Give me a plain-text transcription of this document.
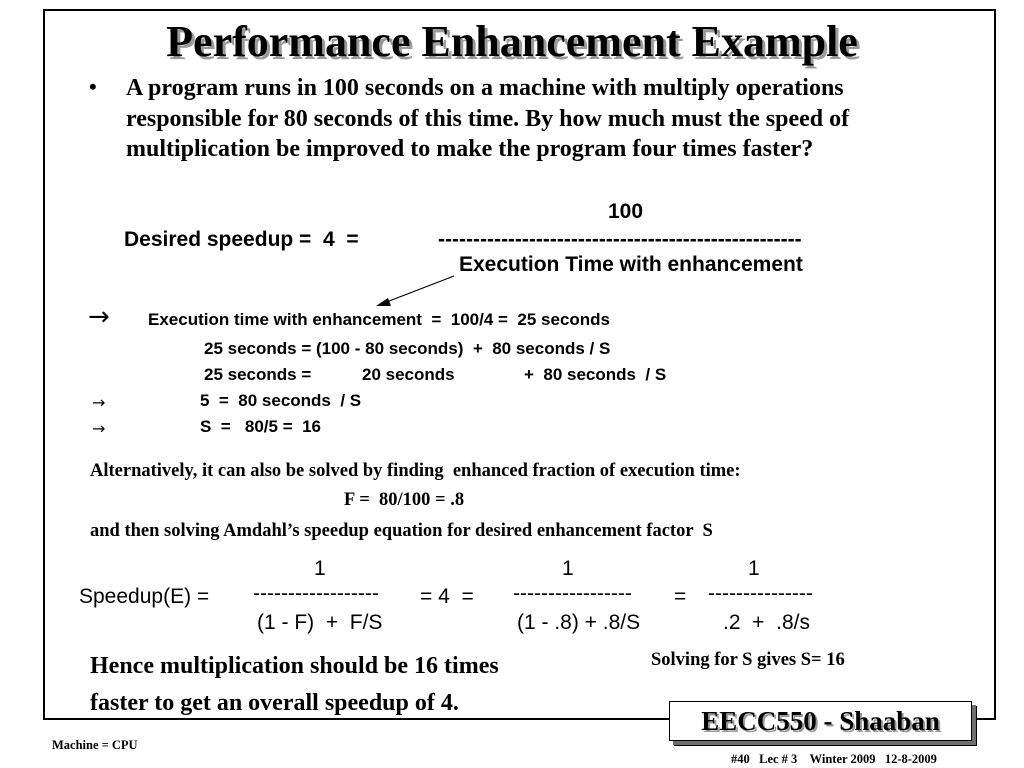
Performance Enhancement Example
• A program runs in 100 seconds on a machine with multiply operations responsible for 80 seconds of this time. By how much must the speed of multiplication be improved to make the program four times faster?
100
Desired speedup =  4  =	----------------------------------------------------
Execution Time with enhancement
→ Execution time with enhancement  =  100/4 =  25 seconds
25 seconds = (100 - 80 seconds)  +  80 seconds / S
25 seconds =	20 seconds	+  80 seconds  / S
→	5  =  80 seconds  / S
→	S  =   80/5 =  16
Alternatively, it can also be solved by finding  enhanced fraction of execution time:
F =  80/100 = .8
and then solving Amdahl’s speedup equation for desired enhancement factor  S
1	1	1
Speedup(E) = ------------------ = 4  = ----------------- = ---------------
(1 - F)  +  F/S	(1 - .8) + .8/S	.2  +  .8/s
Solving for S gives S= 16
Hence multiplication should be 16 times
faster to get an overall speedup of 4.
EECC550 - Shaaban
Machine = CPU
#40   Lec # 3    Winter 2009   12-8-2009
